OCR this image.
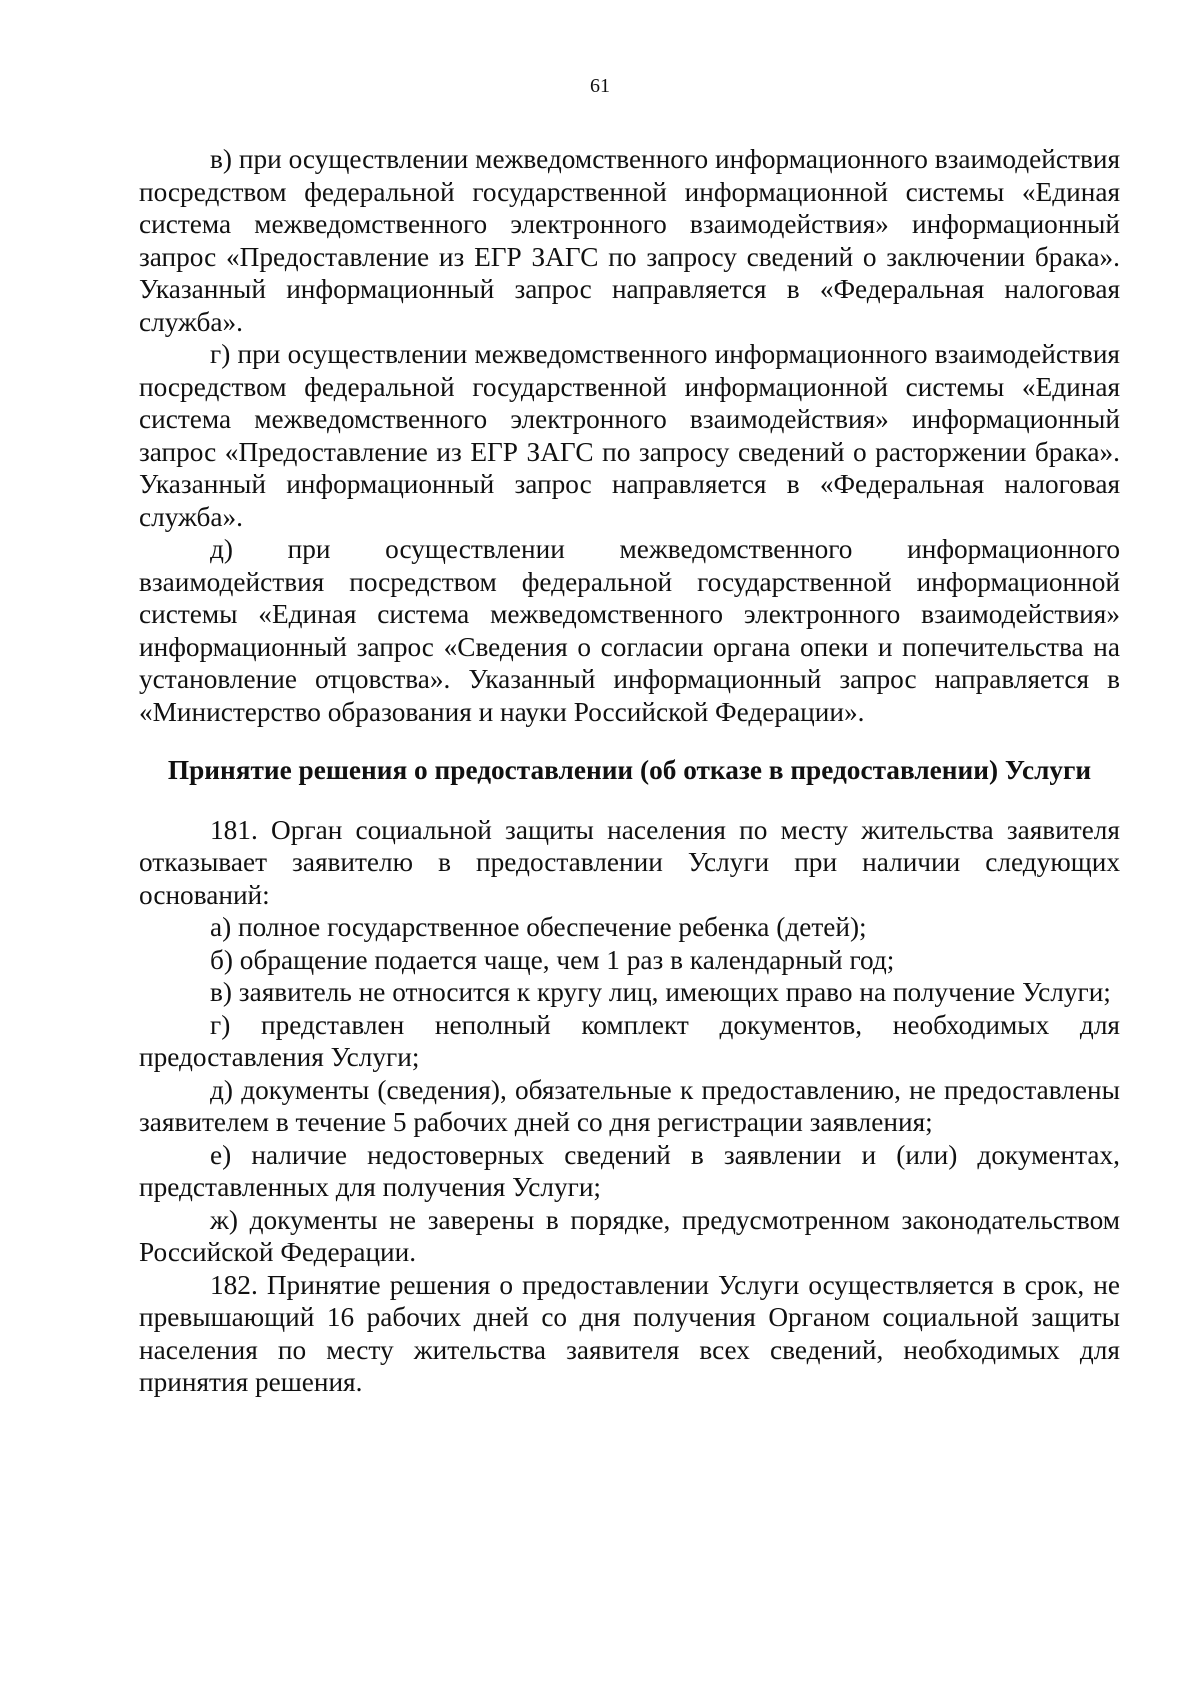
61

в) при осуществлении межведомственного информационного взаимодействия посредством федеральной государственной информационной системы «Единая система межведомственного электронного взаимодействия» информационный запрос «Предоставление из ЕГР ЗАГС по запросу сведений о заключении брака». Указанный информационный запрос направляется в «Федеральная налоговая служба».

г) при осуществлении межведомственного информационного взаимодействия посредством федеральной государственной информационной системы «Единая система межведомственного электронного взаимодействия» информационный запрос «Предоставление из ЕГР ЗАГС по запросу сведений о расторжении брака». Указанный информационный запрос направляется в «Федеральная налоговая служба».

д) при осуществлении межведомственного информационного взаимодействия посредством федеральной государственной информационной системы «Единая система межведомственного электронного взаимодействия» информационный запрос «Сведения о согласии органа опеки и попечительства на установление отцовства». Указанный информационный запрос направляется в «Министерство образования и науки Российской Федерации».

Принятие решения о предоставлении (об отказе в предоставлении) Услуги

181. Орган социальной защиты населения по месту жительства заявителя отказывает заявителю в предоставлении Услуги при наличии следующих оснований:

а) полное государственное обеспечение ребенка (детей);

б) обращение подается чаще, чем 1 раз в календарный год;

в) заявитель не относится к кругу лиц, имеющих право на получение Услуги;

г) представлен неполный комплект документов, необходимых для предоставления Услуги;

д) документы (сведения), обязательные к предоставлению, не предоставлены заявителем в течение 5 рабочих дней со дня регистрации заявления;

е) наличие недостоверных сведений в заявлении и (или) документах, представленных для получения Услуги;

ж) документы не заверены в порядке, предусмотренном законодательством Российской Федерации.

182. Принятие решения о предоставлении Услуги осуществляется в срок, не превышающий 16 рабочих дней со дня получения Органом социальной защиты населения по месту жительства заявителя всех сведений, необходимых для принятия решения.
